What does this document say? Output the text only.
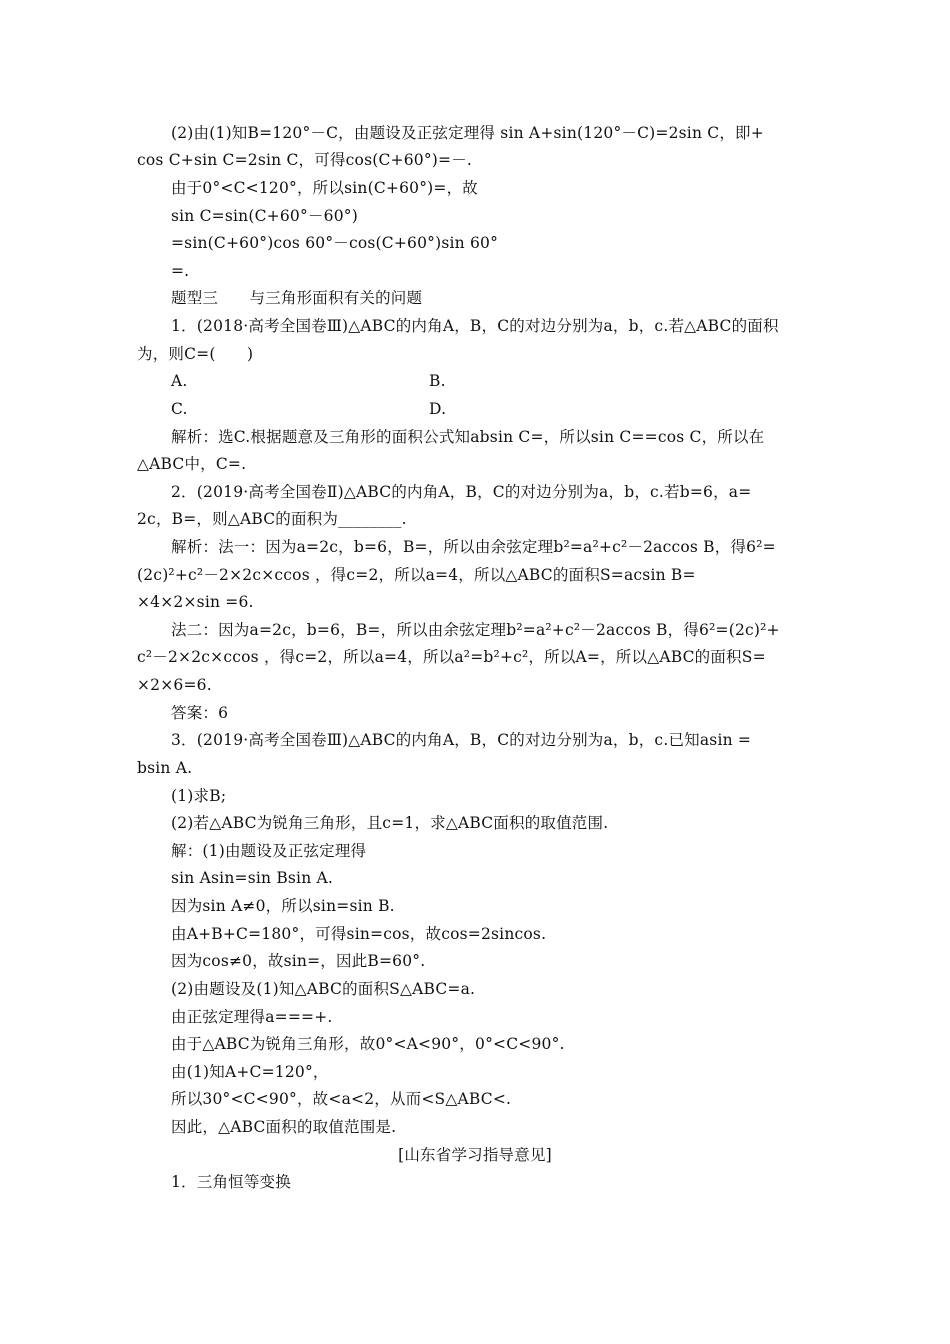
(2)由(1)知B=120°－C，由题设及正弦定理得 sin A+sin(120°－C)=2sin C，即+
cos C+sin C=2sin C，可得cos(C+60°)=－.
由于0°<C<120°，所以sin(C+60°)=，故
sin C=sin(C+60°－60°)
=sin(C+60°)cos 60°－cos(C+60°)sin 60°
=.
题型三　　与三角形面积有关的问题
1．(2018·高考全国卷Ⅲ)△ABC的内角A，B，C的对边分别为a，b，c.若△ABC的面积
为，则C=(　　)
A.	B.
C.	D.
解析：选C.根据题意及三角形的面积公式知absin C=，所以sin C==cos C，所以在
△ABC中，C=.
2．(2019·高考全国卷Ⅱ)△ABC的内角A，B，C的对边分别为a，b，c.若b=6，a=
2c，B=，则△ABC的面积为________.
解析：法一：因为a=2c，b=6，B=，所以由余弦定理b²=a²+c²－2accos B，得6²=
(2c)²+c²－2×2c×ccos ，得c=2，所以a=4，所以△ABC的面积S=acsin B=
×4×2×sin =6.
法二：因为a=2c，b=6，B=，所以由余弦定理b²=a²+c²－2accos B，得6²=(2c)²+
c²－2×2c×ccos ，得c=2，所以a=4，所以a²=b²+c²，所以A=，所以△ABC的面积S=
×2×6=6.
答案：6
3．(2019·高考全国卷Ⅲ)△ABC的内角A，B，C的对边分别为a，b，c.已知asin =
bsin A.
(1)求B;
(2)若△ABC为锐角三角形，且c=1，求△ABC面积的取值范围.
解：(1)由题设及正弦定理得
sin Asin=sin Bsin A.
因为sin A≠0，所以sin=sin B.
由A+B+C=180°，可得sin=cos，故cos=2sincos.
因为cos≠0，故sin=，因此B=60°.
(2)由题设及(1)知△ABC的面积S△ABC=a.
由正弦定理得a===+.
由于△ABC为锐角三角形，故0°<A<90°，0°<C<90°.
由(1)知A+C=120°，
所以30°<C<90°，故<a<2，从而<S△ABC<.
因此，△ABC面积的取值范围是.
[山东省学习指导意见]
1．三角恒等变换
